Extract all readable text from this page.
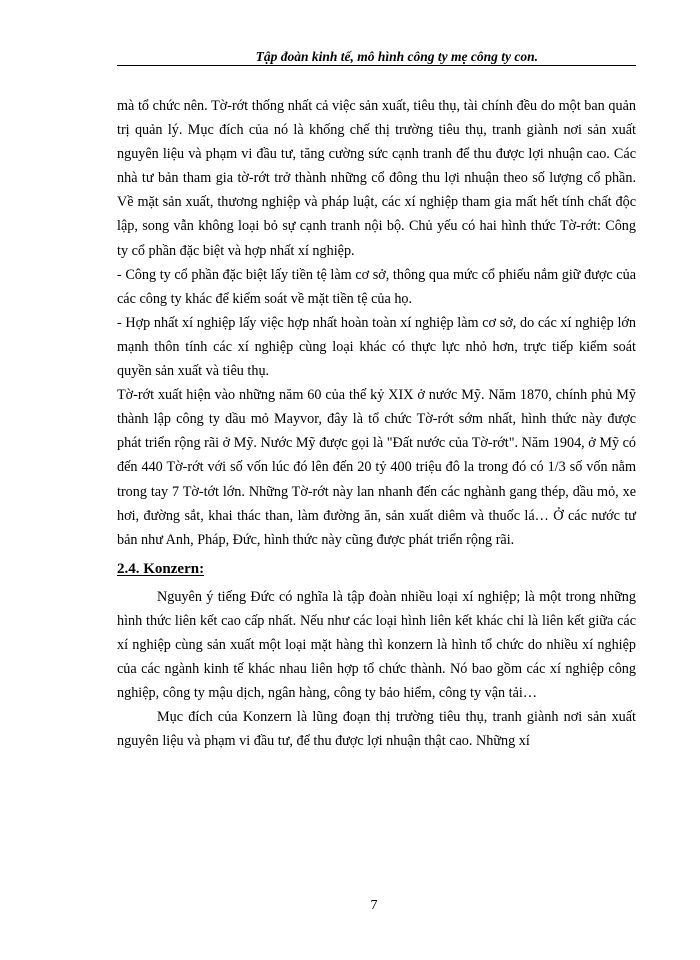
Tập đoàn kinh tế, mô hình công ty mẹ công ty con.

mà tổ chức nên. Tờ-rớt thống nhất cả việc sản xuất, tiêu thụ, tài chính đều do một ban quản trị quản lý. Mục đích của nó là khống chế thị trường tiêu thụ, tranh giành nơi sản xuất nguyên liệu và phạm vi đầu tư, tăng cường sức cạnh tranh để thu được lợi nhuận cao. Các nhà tư bản tham gia tờ-rớt trở thành những cổ đông thu lợi nhuận theo số lượng cổ phần. Về mặt sản xuất, thương nghiệp và pháp luật, các xí nghiệp tham gia mất hết tính chất độc lập, song vẫn không loại bỏ sự cạnh tranh nội bộ. Chủ yếu có hai hình thức Tờ-rớt: Công ty cổ phần đặc biệt và hợp nhất xí nghiệp.

- Công ty cổ phần đặc biệt lấy tiền tệ làm cơ sở, thông qua mức cổ phiếu nắm giữ được của các công ty khác để kiểm soát về mặt tiền tệ của họ.

- Hợp nhất xí nghiệp lấy việc hợp nhất hoàn toàn xí nghiệp làm cơ sở, do các xí nghiệp lớn mạnh thôn tính các xí nghiệp cùng loại khác có thực lực nhỏ hơn, trực tiếp kiểm soát quyền sản xuất và tiêu thụ.

Tờ-rớt xuất hiện vào những năm 60 của thế kỷ XIX ở nước Mỹ. Năm 1870, chính phủ Mỹ thành lập công ty dầu mỏ Mayvor, đây là tổ chức Tờ-rớt sớm nhất, hình thức này được phát triển rộng rãi ở Mỹ. Nước Mỹ được gọi là "Đất nước của Tờ-rớt". Năm 1904, ở Mỹ có đến 440 Tờ-rớt với số vốn lúc đó lên đến 20 tỷ 400 triệu đô la trong đó có 1/3 số vốn nằm trong tay 7 Tờ-tớt lớn. Những Tờ-rớt này lan nhanh đến các nghành gang thép, dầu mỏ, xe hơi, đường sắt, khai thác than, làm đường ăn, sản xuất diêm và thuốc lá… Ở các nước tư bản như Anh, Pháp, Đức, hình thức này cũng được phát triển rộng rãi.

2.4. Konzern:

Nguyên ý tiếng Đức có nghĩa là tập đoàn nhiều loại xí nghiệp; là một trong những hình thức liên kết cao cấp nhất. Nếu như các loại hình liên kết khác chỉ là liên kết giữa các xí nghiệp cùng sản xuất một loại mặt hàng thì konzern là hình tổ chức do nhiều xí nghiệp của các ngành kinh tế khác nhau liên hợp tổ chức thành. Nó bao gồm các xí nghiệp công nghiệp, công ty mậu dịch, ngân hàng, công ty bảo hiểm, công ty vận tải…

Mục đích của Konzern là lũng đoạn thị trường tiêu thụ, tranh giành nơi sản xuất nguyên liệu và phạm vi đầu tư, để thu được lợi nhuận thật cao. Những xí

7
